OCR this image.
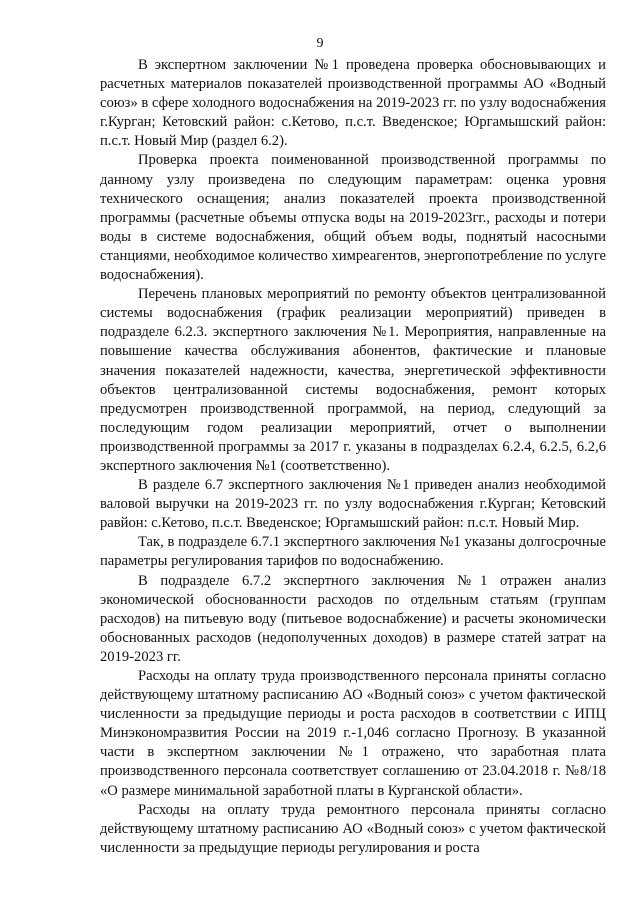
9

В экспертном заключении №1 проведена проверка обосновывающих и расчетных материалов показателей производственной программы АО «Водный союз» в сфере холодного водоснабжения на 2019-2023 гг. по узлу водоснабжения г.Курган; Кетовский район: с.Кетово, п.с.т. Введенское; Юргамышский район: п.с.т. Новый Мир (раздел 6.2).

Проверка проекта поименованной производственной программы по данному узлу произведена по следующим параметрам: оценка уровня технического оснащения; анализ показателей проекта производственной программы (расчетные объемы отпуска воды на 2019-2023гг., расходы и потери воды в системе водоснабжения, общий объем воды, поднятый насосными станциями, необходимое количество химреагентов, энергопотребление по услуге водоснабжения).

Перечень плановых мероприятий по ремонту объектов централизованной системы водоснабжения (график реализации мероприятий) приведен в подразделе 6.2.3. экспертного заключения №1. Мероприятия, направленные на повышение качества обслуживания абонентов, фактические и плановые значения показателей надежности, качества, энергетической эффективности объектов централизованной системы водоснабжения, ремонт которых предусмотрен производственной программой, на период, следующий за последующим годом реализации мероприятий, отчет о выполнении производственной программы за 2017 г. указаны в подразделах 6.2.4, 6.2.5, 6.2,6 экспертного заключения №1 (соответственно).

В разделе 6.7 экспертного заключения №1 приведен анализ необходимой валовой выручки на 2019-2023 гг. по узлу водоснабжения г.Курган; Кетовский равйон: с.Кетово, п.с.т. Введенское; Юргамышский район: п.с.т. Новый Мир.

Так, в подразделе 6.7.1 экспертного заключения №1 указаны долгосрочные параметры регулирования тарифов по водоснабжению.

В подразделе 6.7.2 экспертного заключения №1 отражен анализ экономической обоснованности расходов по отдельным статьям (группам расходов) на питьевую воду (питьевое водоснабжение) и расчеты экономически обоснованных расходов (недополученных доходов) в размере статей затрат на 2019-2023 гг.

Расходы на оплату труда производственного персонала приняты согласно действующему штатному расписанию АО «Водный союз» с учетом фактической численности за предыдущие периоды и роста расходов в соответствии с ИПЦ Минэкономразвития России на 2019 г.-1,046 согласно Прогнозу. В указанной части в экспертном заключении №1 отражено, что заработная плата производственного персонала соответствует соглашению от 23.04.2018 г. №8/18 «О размере минимальной заработной платы в Курганской области».

Расходы на оплату труда ремонтного персонала приняты согласно действующему штатному расписанию АО «Водный союз» с учетом фактической численности за предыдущие периоды регулирования и роста
